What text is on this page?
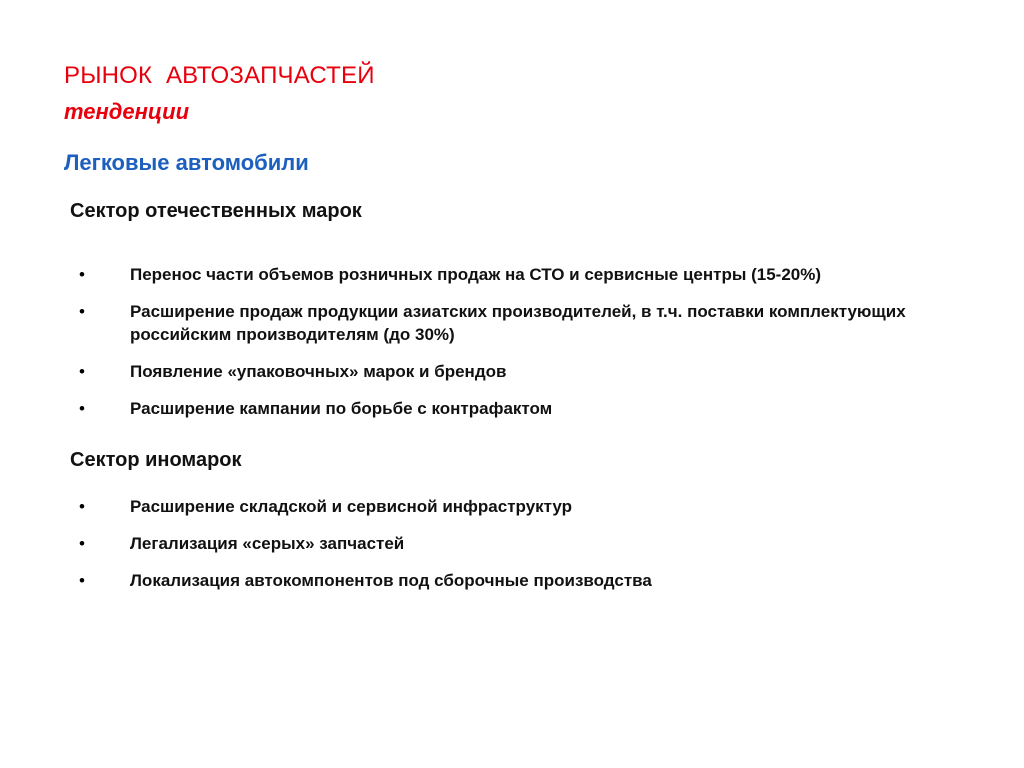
РЫНОК  АВТОЗАПЧАСТЕЙ
тенденции
Легковые автомобили
Сектор отечественных марок
•	Перенос части объемов розничных продаж на СТО и сервисные центры (15-20%)
•	Расширение продаж продукции азиатских производителей, в т.ч. поставки комплектующих российским производителям (до 30%)
•	Появление «упаковочных» марок и брендов
•	Расширение кампании по борьбе с контрафактом
Сектор иномарок
•	Расширение складской и сервисной инфраструктур
•	Легализация «серых» запчастей
•	Локализация автокомпонентов под сборочные производства
